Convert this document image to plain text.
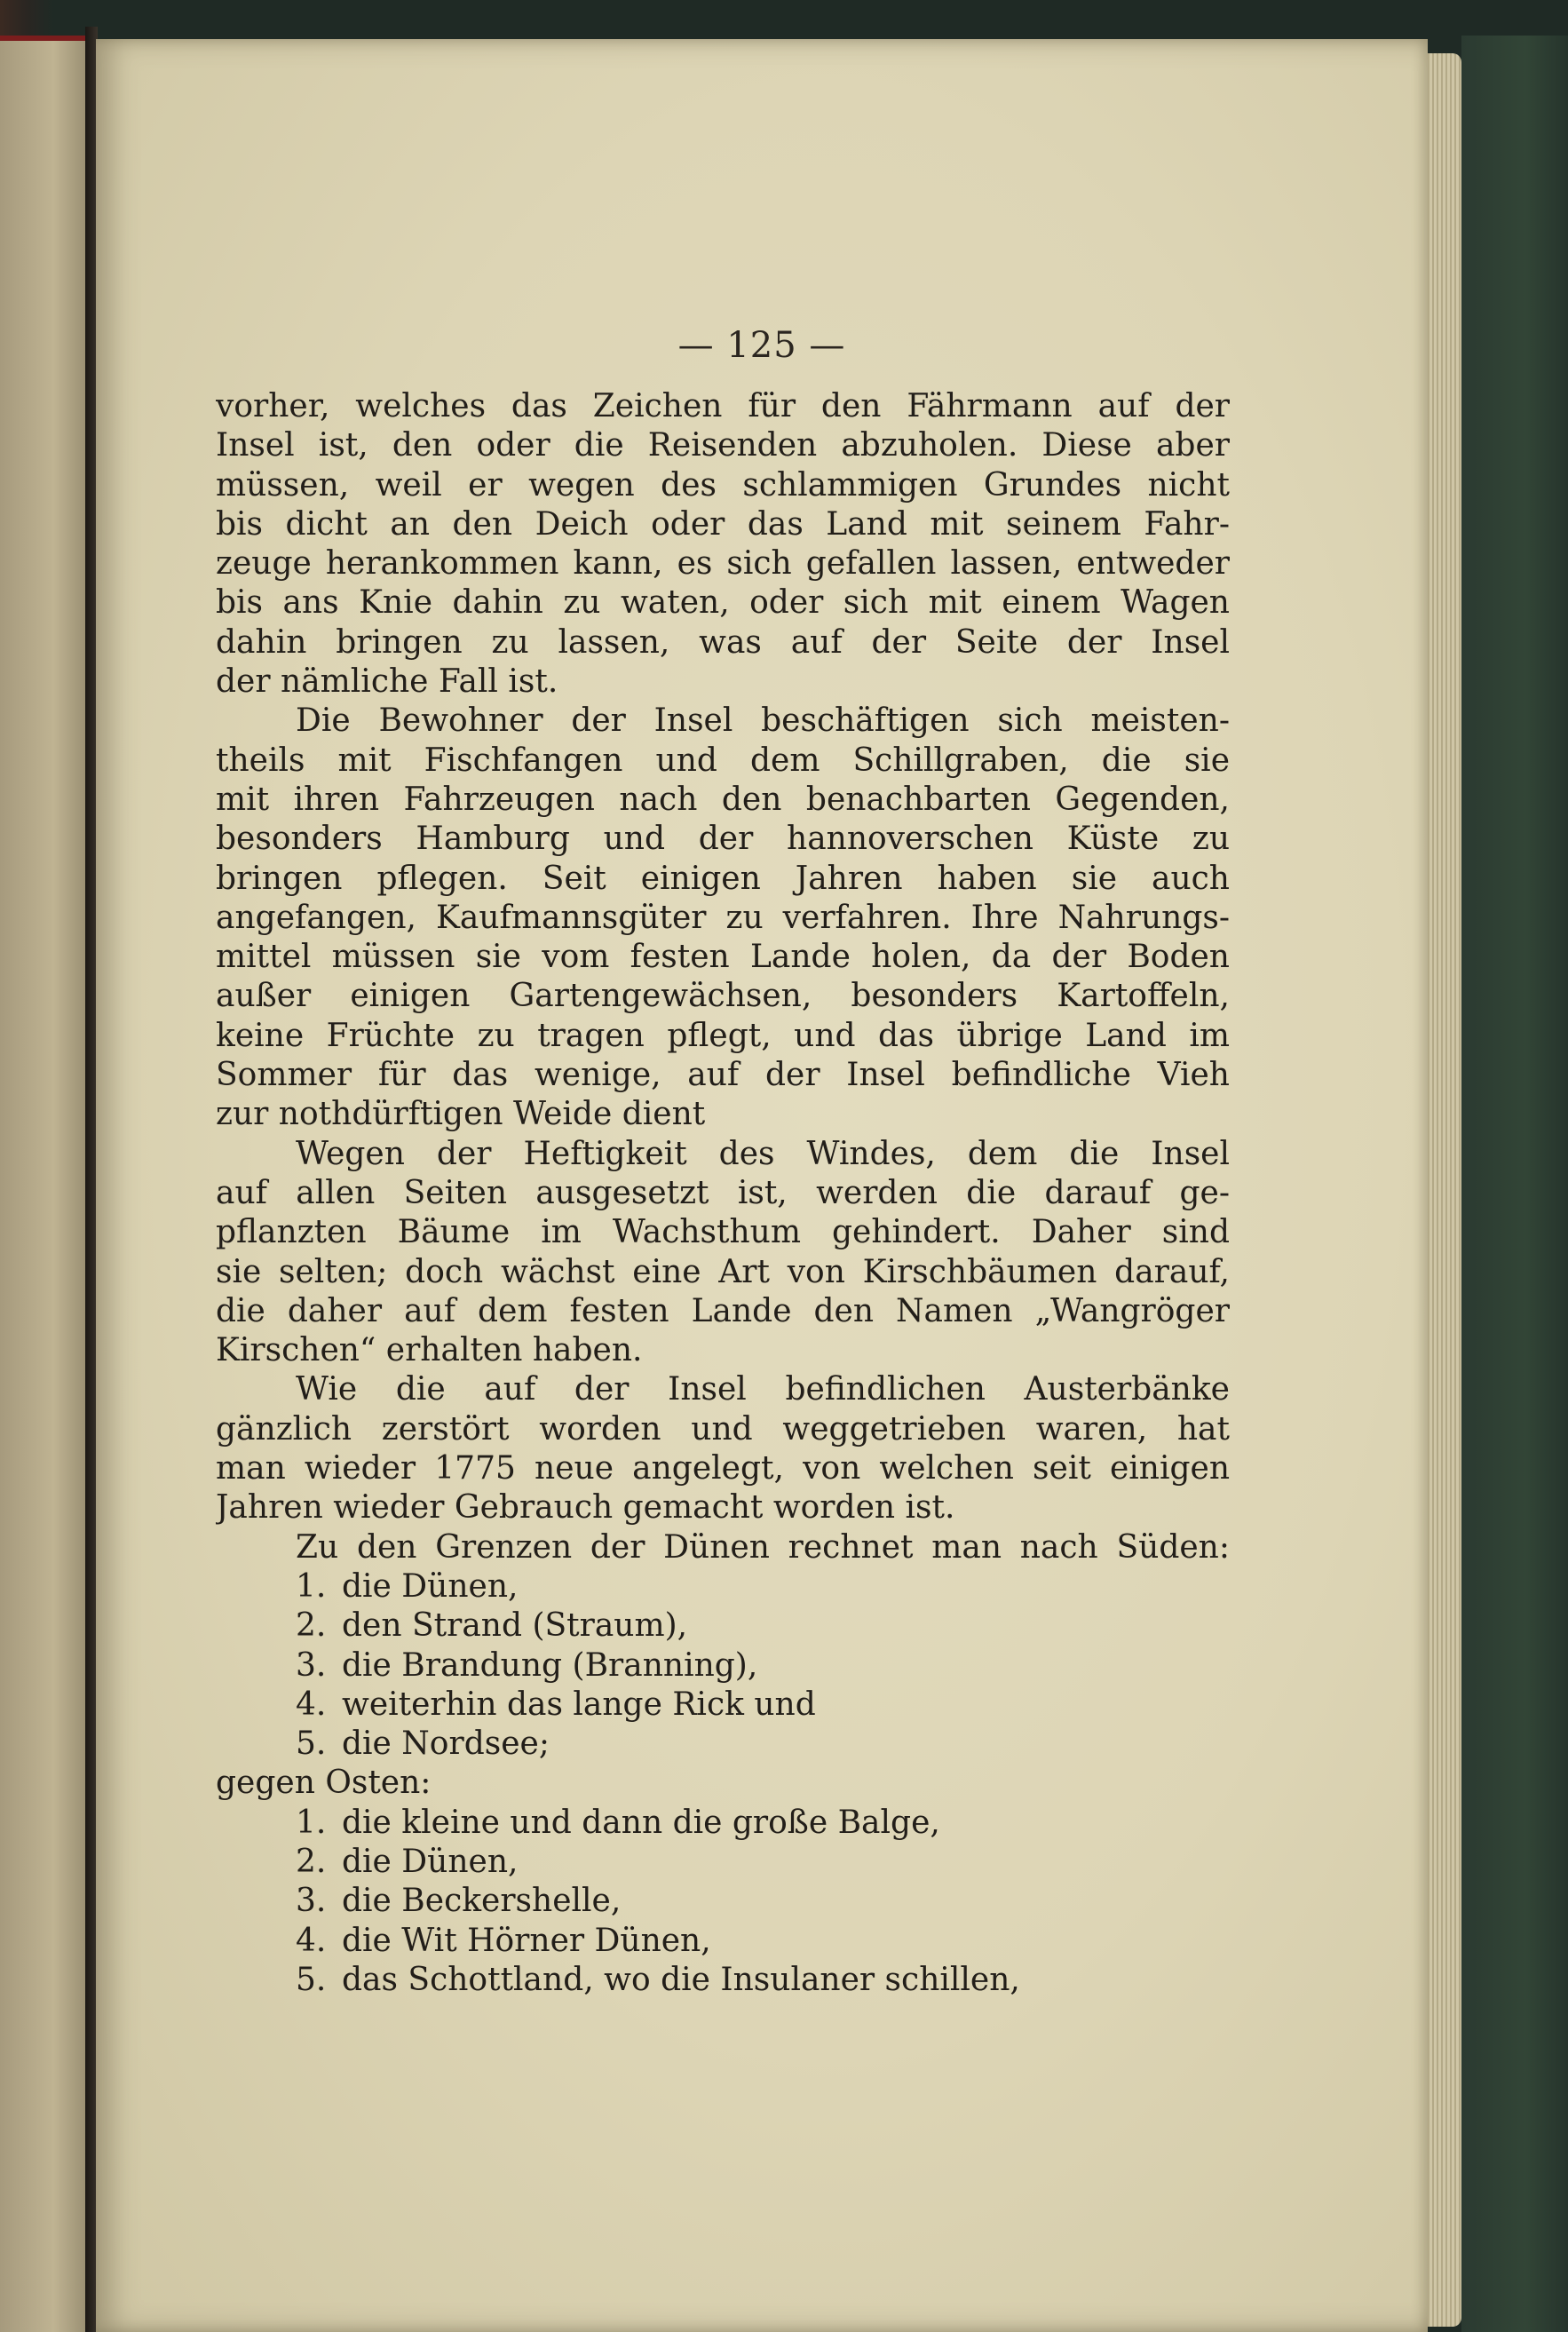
— 125 —
vorher, welches das Zeichen für den Fährmann auf der
Insel ist, den oder die Reisenden abzuholen. Diese aber
müssen, weil er wegen des schlammigen Grundes nicht
bis dicht an den Deich oder das Land mit seinem Fahr-
zeuge herankommen kann, es sich gefallen lassen, entweder
bis ans Knie dahin zu waten, oder sich mit einem Wagen
dahin bringen zu lassen, was auf der Seite der Insel
der nämliche Fall ist.
Die Bewohner der Insel beschäftigen sich meisten-
theils mit Fischfangen und dem Schillgraben, die sie
mit ihren Fahrzeugen nach den benachbarten Gegenden,
besonders Hamburg und der hannoverschen Küste zu
bringen pflegen. Seit einigen Jahren haben sie auch
angefangen, Kaufmannsgüter zu verfahren. Ihre Nahrungs-
mittel müssen sie vom festen Lande holen, da der Boden
außer einigen Gartengewächsen, besonders Kartoffeln,
keine Früchte zu tragen pflegt, und das übrige Land im
Sommer für das wenige, auf der Insel befindliche Vieh
zur nothdürftigen Weide dient
Wegen der Heftigkeit des Windes, dem die Insel
auf allen Seiten ausgesetzt ist, werden die darauf ge-
pflanzten Bäume im Wachsthum gehindert. Daher sind
sie selten; doch wächst eine Art von Kirschbäumen darauf,
die daher auf dem festen Lande den Namen „Wangröger
Kirschen“ erhalten haben.
Wie die auf der Insel befindlichen Austerbänke
gänzlich zerstört worden und weggetrieben waren, hat
man wieder 1775 neue angelegt, von welchen seit einigen
Jahren wieder Gebrauch gemacht worden ist.
Zu den Grenzen der Dünen rechnet man nach Süden:
1. die Dünen,
2. den Strand (Straum),
3. die Brandung (Branning),
4. weiterhin das lange Rick und
5. die Nordsee;
gegen Osten:
1. die kleine und dann die große Balge,
2. die Dünen,
3. die Beckershelle,
4. die Wit Hörner Dünen,
5. das Schottland, wo die Insulaner schillen,
